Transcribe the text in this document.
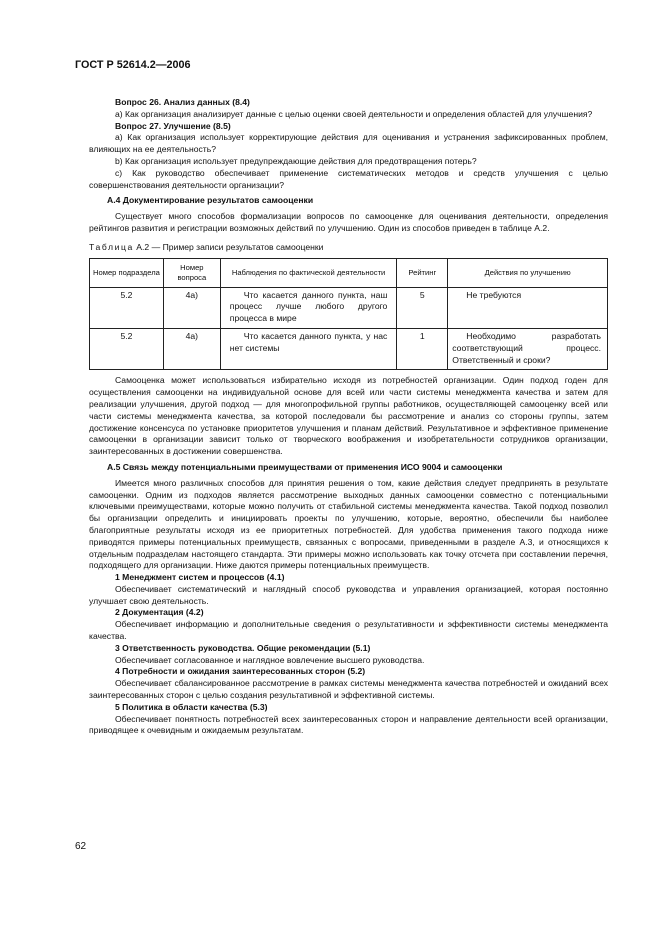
ГОСТ Р 52614.2—2006

Вопрос 26. Анализ данных (8.4)

а) Как организация анализирует данные с целью оценки своей деятельности и определения областей для улучшения?

Вопрос 27. Улучшение (8.5)

а) Как организация использует корректирующие действия для оценивания и устранения зафиксированных проблем, влияющих на ее деятельность?

b) Как организация использует предупреждающие действия для предотвращения потерь?

с) Как руководство обеспечивает применение систематических методов и средств улучшения с целью совершенствования деятельности организации?

А.4 Документирование результатов самооценки

Существует много способов формализации вопросов по самооценке для оценивания деятельности, определения рейтингов развития и регистрации возможных действий по улучшению. Один из способов приведен в таблице А.2.

Таблица А.2 — Пример записи результатов самооценки

Номер подраздела	Номер вопроса	Наблюдения по фактической деятельности	Рейтинг	Действия по улучшению
5.2	4а)	Что касается данного пункта, наш процесс лучше любого другого процесса в мире	5	Не требуются
5.2	4а)	Что касается данного пункта, у нас нет системы	1	Необходимо разработать соответствующий процесс. Ответственный и сроки?

Самооценка может использоваться избирательно исходя из потребностей организации. Один подход годен для осуществления самооценки на индивидуальной основе для всей или части системы менеджмента качества и затем для реализации улучшения, другой подход — для многопрофильной группы работников, осуществляющей самооценку всей или части системы менеджмента качества, за которой последовали бы рассмотрение и анализ со стороны группы, затем достижение консенсуса по установке приоритетов улучшения и планам действий. Результативное и эффективное применение самооценки в организации зависит только от творческого воображения и изобретательности сотрудников организации, заинтересованных в достижении совершенства.

А.5 Связь между потенциальными преимуществами от применения ИСО 9004 и самооценки

Имеется много различных способов для принятия решения о том, какие действия следует предпринять в результате самооценки. Одним из подходов является рассмотрение выходных данных самооценки совместно с потенциальными ключевыми преимуществами, которые можно получить от стабильной системы менеджмента качества. Такой подход позволил бы организации определить и инициировать проекты по улучшению, которые, вероятно, обеспечили бы наиболее благоприятные результаты исходя из ее приоритетных потребностей. Для удобства применения такого подхода ниже приводятся примеры потенциальных преимуществ, связанных с вопросами, приведенными в разделе А.3, и относящихся к отдельным подразделам настоящего стандарта. Эти примеры можно использовать как точку отсчета при составлении перечня, подходящего для организации. Ниже даются примеры потенциальных преимуществ.

1 Менеджмент систем и процессов (4.1)

Обеспечивает систематический и наглядный способ руководства и управления организацией, которая постоянно улучшает свою деятельность.

2 Документация (4.2)

Обеспечивает информацию и дополнительные сведения о результативности и эффективности системы менеджмента качества.

3 Ответственность руководства. Общие рекомендации (5.1)

Обеспечивает согласованное и наглядное вовлечение высшего руководства.

4 Потребности и ожидания заинтересованных сторон (5.2)

Обеспечивает сбалансированное рассмотрение в рамках системы менеджмента качества потребностей и ожиданий всех заинтересованных сторон с целью создания результативной и эффективной системы.

5 Политика в области качества (5.3)

Обеспечивает понятность потребностей всех заинтересованных сторон и направление деятельности всей организации, приводящее к очевидным и ожидаемым результатам.

62
